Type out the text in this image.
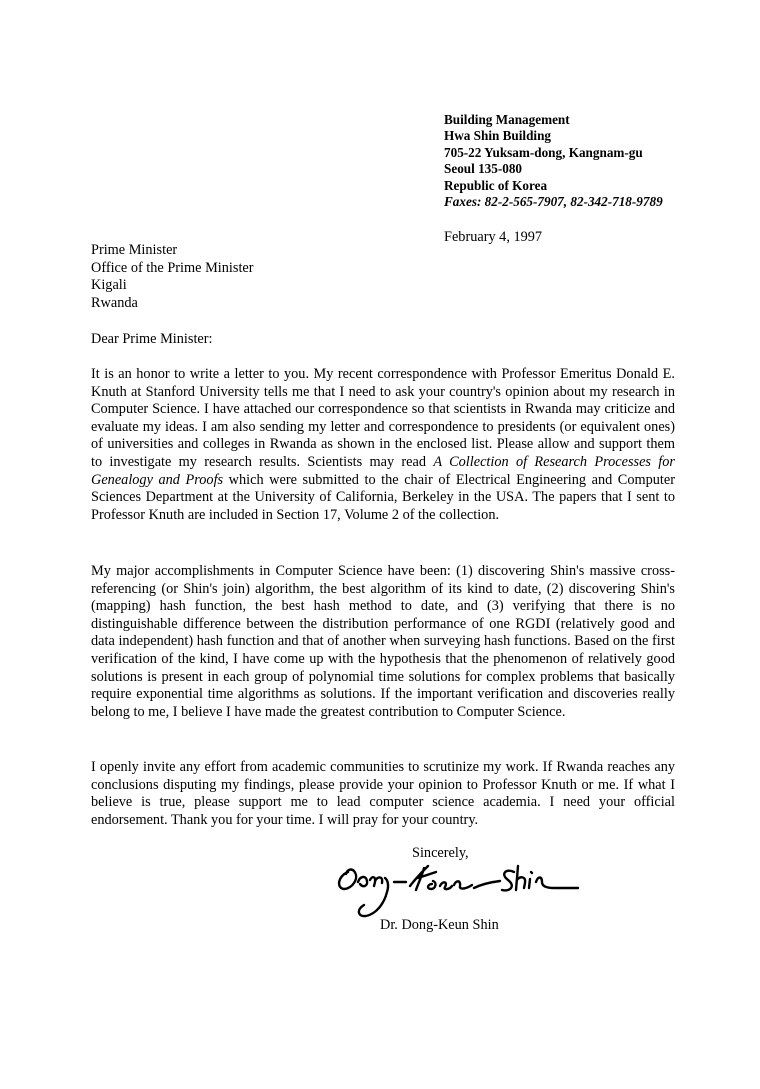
Building Management
Hwa Shin Building
705-22 Yuksam-dong, Kangnam-gu
Seoul 135-080
Republic of Korea
Faxes: 82-2-565-7907, 82-342-718-9789
February 4, 1997
Prime Minister
Office of the Prime Minister
Kigali
Rwanda
Dear Prime Minister:

It is an honor to write a letter to you. My recent correspondence with Professor Emeritus Donald E. Knuth at Stanford University tells me that I need to ask your country's opinion about my research in Computer Science. I have attached our correspondence so that scientists in Rwanda may criticize and evaluate my ideas. I am also sending my letter and correspondence to presidents (or equivalent ones) of universities and colleges in Rwanda as shown in the enclosed list. Please allow and support them to investigate my research results. Scientists may read A Collection of Research Processes for Genealogy and Proofs which were submitted to the chair of Electrical Engineering and Computer Sciences Department at the University of California, Berkeley in the USA. The papers that I sent to Professor Knuth are included in Section 17, Volume 2 of the collection.

My major accomplishments in Computer Science have been: (1) discovering Shin's massive cross-referencing (or Shin's join) algorithm, the best algorithm of its kind to date, (2) discovering Shin's (mapping) hash function, the best hash method to date, and (3) verifying that there is no distinguishable difference between the distribution performance of one RGDI (relatively good and data independent) hash function and that of another when surveying hash functions. Based on the first verification of the kind, I have come up with the hypothesis that the phenomenon of relatively good solutions is present in each group of polynomial time solutions for complex problems that basically require exponential time algorithms as solutions. If the important verification and discoveries really belong to me, I believe I have made the greatest contribution to Computer Science.

I openly invite any effort from academic communities to scrutinize my work. If Rwanda reaches any conclusions disputing my findings, please provide your opinion to Professor Knuth or me. If what I believe is true, please support me to lead computer science academia. I need your official endorsement. Thank you for your time. I will pray for your country.

Sincerely,
Dr. Dong-Keun Shin
